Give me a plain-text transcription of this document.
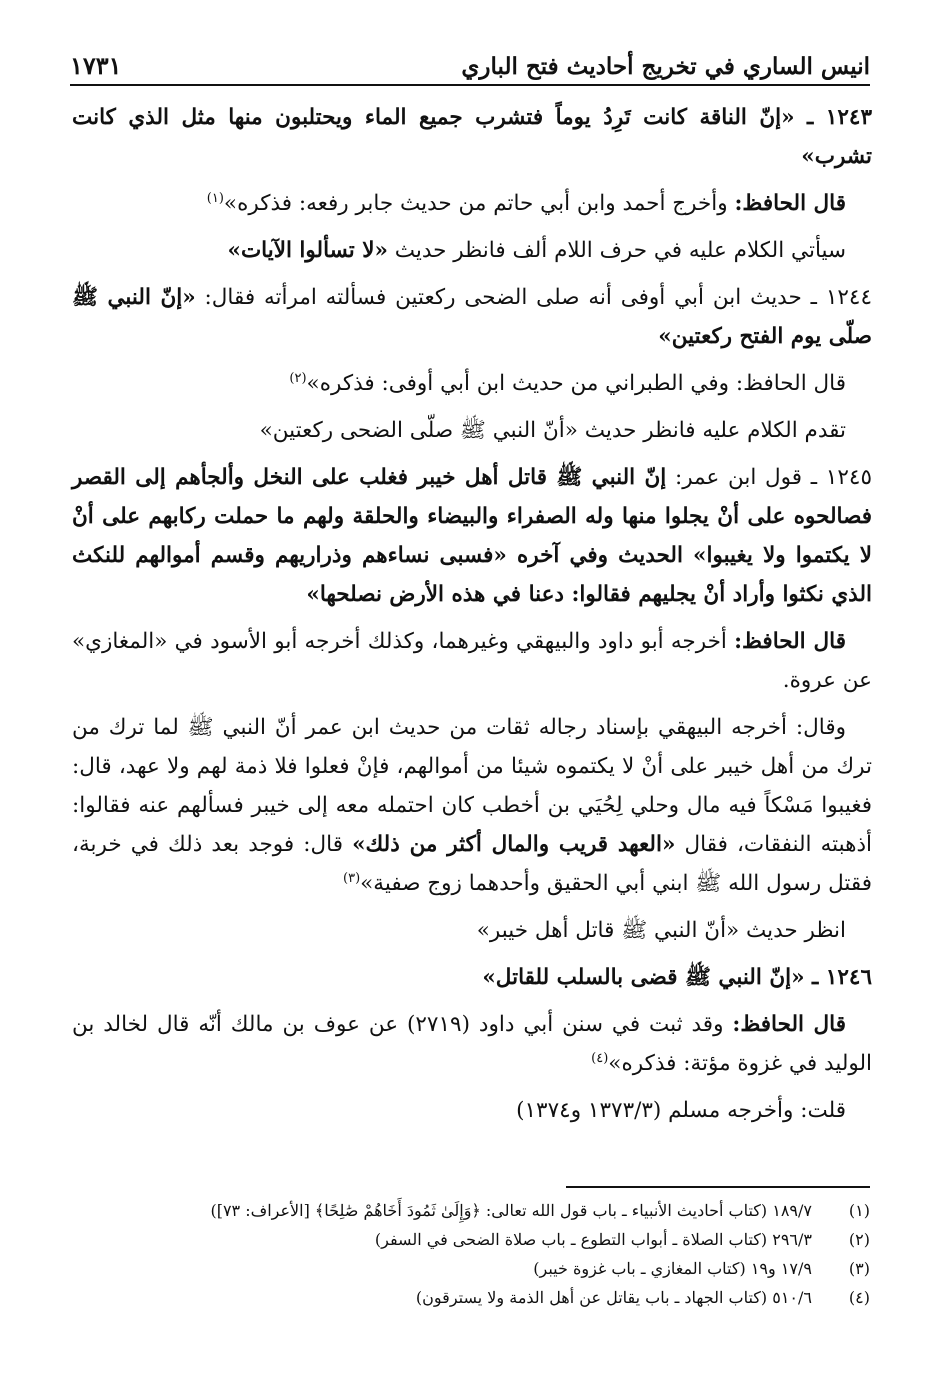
انيس الساري في تخريج أحاديث فتح الباري
١٧٣١

١٢٤٣ ـ «إنّ الناقة كانت تَرِدُ يوماً فتشرب جميع الماء ويحتلبون منها مثل الذي كانت تشرب»

قال الحافظ: وأخرج أحمد وابن أبي حاتم من حديث جابر رفعه: فذكره»$^{(١)}$

سيأتي الكلام عليه في حرف اللام ألف فانظر حديث «لا تسألوا الآيات»

١٢٤٤ ـ حديث ابن أبي أوفى أنه صلى الضحى ركعتين فسألته امرأته فقال: «إنّ النبي ﷺ صلّى يوم الفتح ركعتين»

قال الحافظ: وفي الطبراني من حديث ابن أبي أوفى: فذكره»$^{(٢)}$

تقدم الكلام عليه فانظر حديث «أنّ النبي ﷺ صلّى الضحى ركعتين»

١٢٤٥ ـ قول ابن عمر: إنّ النبي ﷺ قاتل أهل خيبر فغلب على النخل وألجأهم إلى القصر فصالحوه على أنْ يجلوا منها وله الصفراء والبيضاء والحلقة ولهم ما حملت ركابهم على أنْ لا يكتموا ولا يغيبوا» الحديث وفي آخره «فسبى نساءهم وذراريهم وقسم أموالهم للنكث الذي نكثوا وأراد أنْ يجليهم فقالوا: دعنا في هذه الأرض نصلحها»

قال الحافظ: أخرجه أبو داود والبيهقي وغيرهما، وكذلك أخرجه أبو الأسود في «المغازي» عن عروة.

وقال: أخرجه البيهقي بإسناد رجاله ثقات من حديث ابن عمر أنّ النبي ﷺ لما ترك من ترك من أهل خيبر على أنْ لا يكتموه شيئا من أموالهم، فإنْ فعلوا فلا ذمة لهم ولا عهد، قال: فغيبوا مَسْكاً فيه مال وحلي لِحُيَي بن أخطب كان احتمله معه إلى خيبر فسألهم عنه فقالوا: أذهبته النفقات، فقال «العهد قريب والمال أكثر من ذلك» قال: فوجد بعد ذلك في خربة، فقتل رسول الله ﷺ ابني أبي الحقيق وأحدهما زوج صفية»$^{(٣)}$

انظر حديث «أنّ النبي ﷺ قاتل أهل خيبر»

١٢٤٦ ـ «إنّ النبي ﷺ قضى بالسلب للقاتل»

قال الحافظ: وقد ثبت في سنن أبي داود (٢٧١٩) عن عوف بن مالك أنّه قال لخالد بن الوليد في غزوة مؤتة: فذكره»$^{(٤)}$

قلت: وأخرجه مسلم (١٣٧٣/٣ و١٣٧٤)

(١)
١٨٩/٧ (كتاب أحاديث الأنبياء ـ باب قول الله تعالى: ﴿وَإِلَىٰ ثَمُودَ أَخَاهُمْ صَٰلِحًا﴾ [الأعراف: ٧٣])
(٢)
٢٩٦/٣ (كتاب الصلاة ـ أبواب التطوع ـ باب صلاة الضحى في السفر)
(٣)
١٧/٩ و١٩ (كتاب المغازي ـ باب غزوة خيبر)
(٤)
٥١٠/٦ (كتاب الجهاد ـ باب يقاتل عن أهل الذمة ولا يسترقون)
